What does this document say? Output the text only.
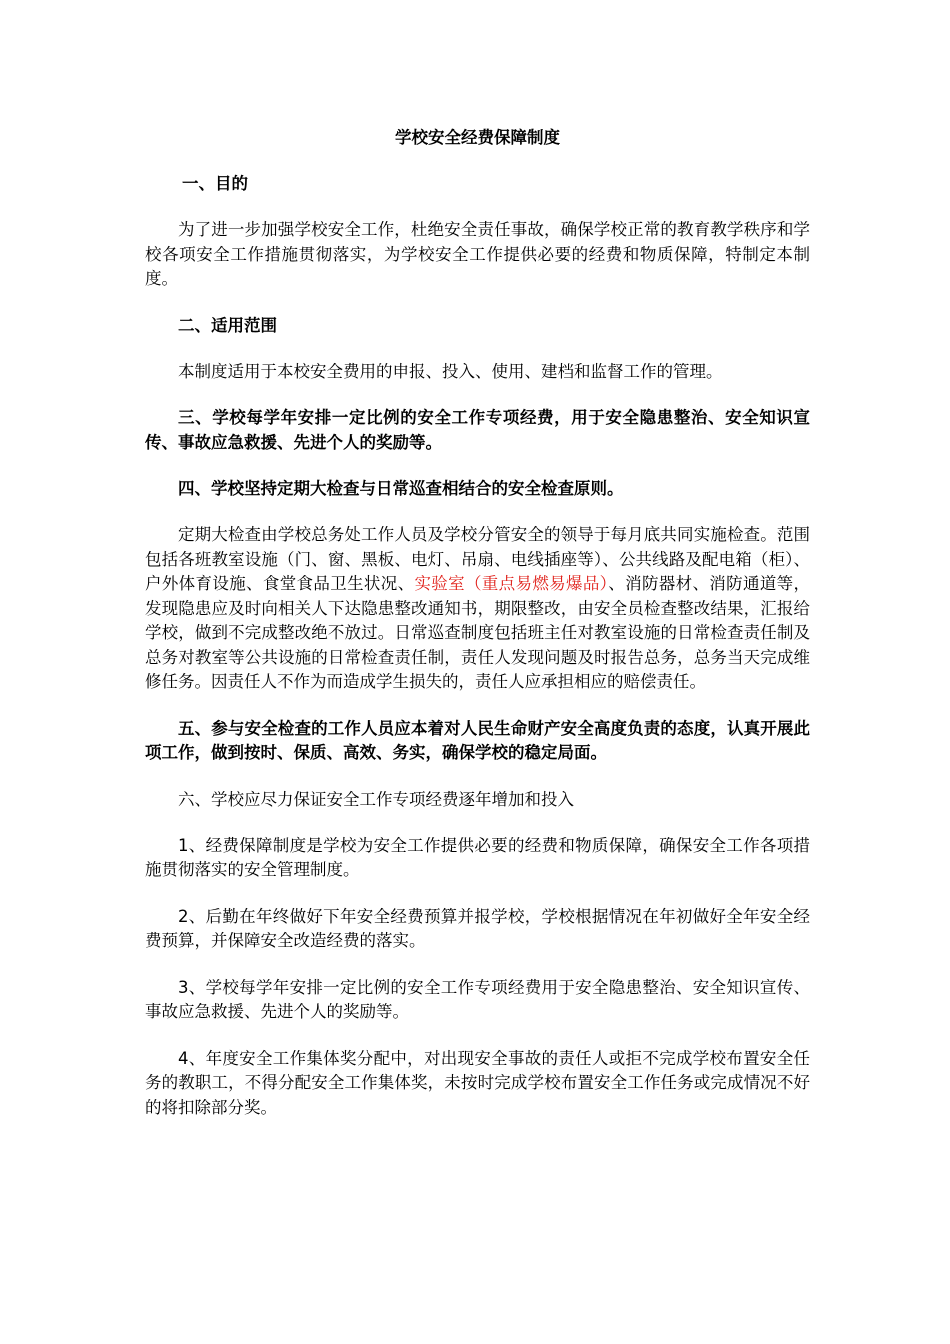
学校安全经费保障制度
一、目的

为了进一步加强学校安全工作，杜绝安全责任事故，确保学校正常的教育教学秩序和学校各项安全工作措施贯彻落实，为学校安全工作提供必要的经费和物质保障，特制定本制度。

二、适用范围

本制度适用于本校安全费用的申报、投入、使用、建档和监督工作的管理。

三、学校每学年安排一定比例的安全工作专项经费，用于安全隐患整治、安全知识宣传、事故应急救援、先进个人的奖励等。

四、学校坚持定期大检查与日常巡查相结合的安全检查原则。

定期大检查由学校总务处工作人员及学校分管安全的领导于每月底共同实施检查。范围包括各班教室设施（门、窗、黑板、电灯、吊扇、电线插座等）、公共线路及配电箱（柜）、户外体育设施、食堂食品卫生状况、实验室（重点易燃易爆品）、消防器材、消防通道等，发现隐患应及时向相关人下达隐患整改通知书，期限整改，由安全员检查整改结果，汇报给学校，做到不完成整改绝不放过。日常巡查制度包括班主任对教室设施的日常检查责任制及总务对教室等公共设施的日常检查责任制，责任人发现问题及时报告总务，总务当天完成维修任务。因责任人不作为而造成学生损失的，责任人应承担相应的赔偿责任。

五、参与安全检查的工作人员应本着对人民生命财产安全高度负责的态度，认真开展此项工作，做到按时、保质、高效、务实，确保学校的稳定局面。

六、学校应尽力保证安全工作专项经费逐年增加和投入

1、经费保障制度是学校为安全工作提供必要的经费和物质保障，确保安全工作各项措施贯彻落实的安全管理制度。

2、后勤在年终做好下年安全经费预算并报学校，学校根据情况在年初做好全年安全经费预算，并保障安全改造经费的落实。

3、学校每学年安排一定比例的安全工作专项经费用于安全隐患整治、安全知识宣传、事故应急救援、先进个人的奖励等。

4、年度安全工作集体奖分配中，对出现安全事故的责任人或拒不完成学校布置安全任务的教职工，不得分配安全工作集体奖，未按时完成学校布置安全工作任务或完成情况不好的将扣除部分奖。
